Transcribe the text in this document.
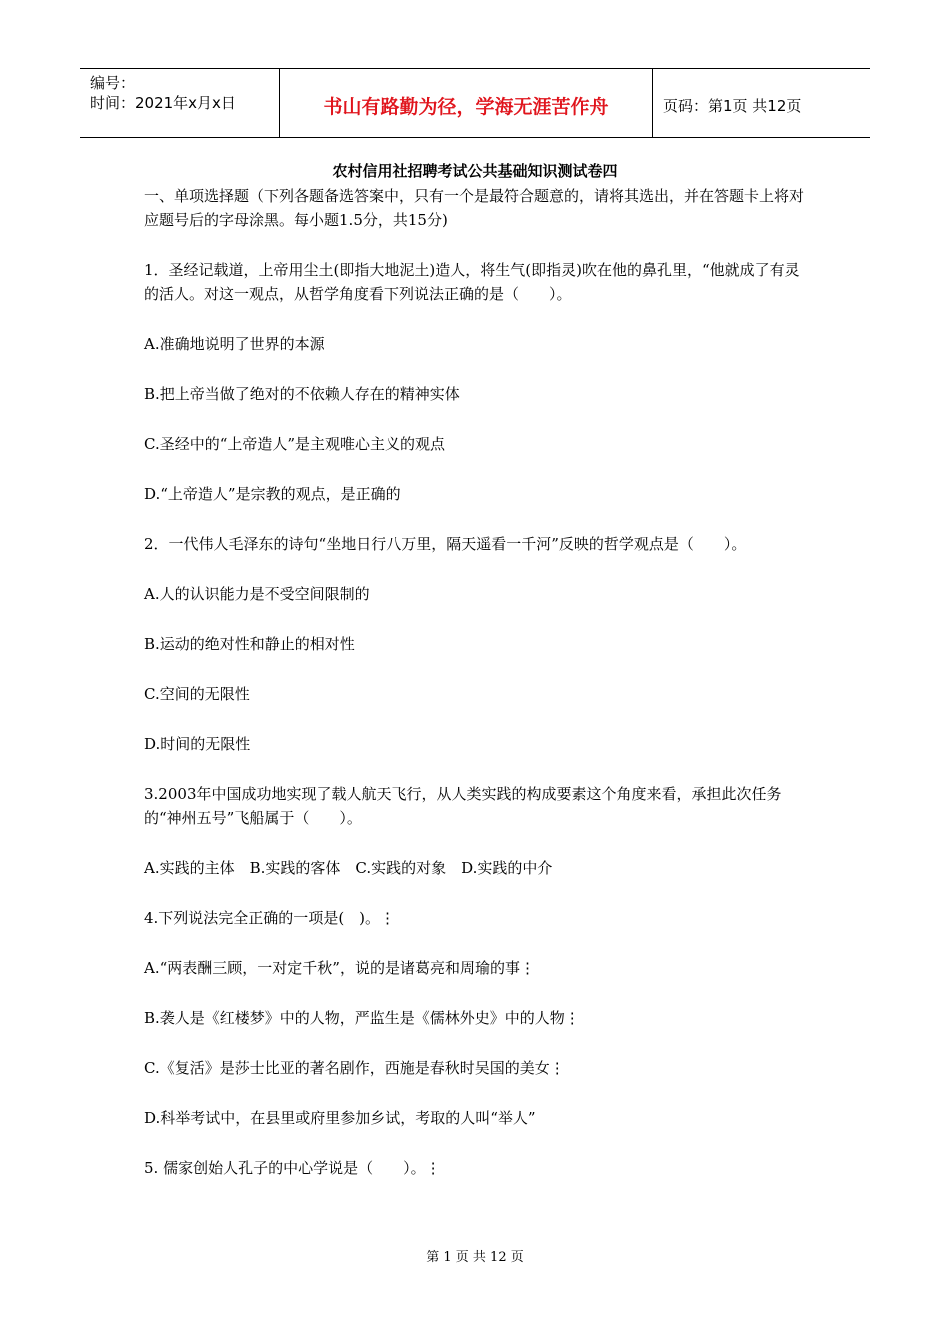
编号：
时间：2021年x月x日	书山有路勤为径，学海无涯苦作舟	页码：第1页 共12页
农村信用社招聘考试公共基础知识测试卷四

一、单项选择题（下列各题备选答案中，只有一个是最符合题意的，请将其选出，并在答题卡上将对应题号后的字母涂黑。每小题1.5分，共15分)

1．圣经记载道，上帝用尘土(即指大地泥土)造人，将生气(即指灵)吹在他的鼻孔里，“他就成了有灵的活人。对这一观点，从哲学角度看下列说法正确的是（　　）。

A.准确地说明了世界的本源

B.把上帝当做了绝对的不依赖人存在的精神实体

C.圣经中的“上帝造人”是主观唯心主义的观点

D.“上帝造人”是宗教的观点，是正确的

2．一代伟人毛泽东的诗句“坐地日行八万里，隔天遥看一千河”反映的哲学观点是（　　）。

A.人的认识能力是不受空间限制的

B.运动的绝对性和静止的相对性

C.空间的无限性

D.时间的无限性

3.2003年中国成功地实现了载人航天飞行，从人类实践的构成要素这个角度来看，承担此次任务的“神州五号”飞船属于（　　）。

A.实践的主体　B.实践的客体　C.实践的对象　D.实践的中介

4.下列说法完全正确的一项是(　)。⋮

A.“两表酬三顾，一对定千秋”，说的是诸葛亮和周瑜的事⋮

B.袭人是《红楼梦》中的人物，严监生是《儒林外史》中的人物⋮

C.《复活》是莎士比亚的著名剧作，西施是春秋时吴国的美女⋮

D.科举考试中，在县里或府里参加乡试，考取的人叫“举人”

5. 儒家创始人孔子的中心学说是（　　）。⋮

第 1 页 共 12 页
